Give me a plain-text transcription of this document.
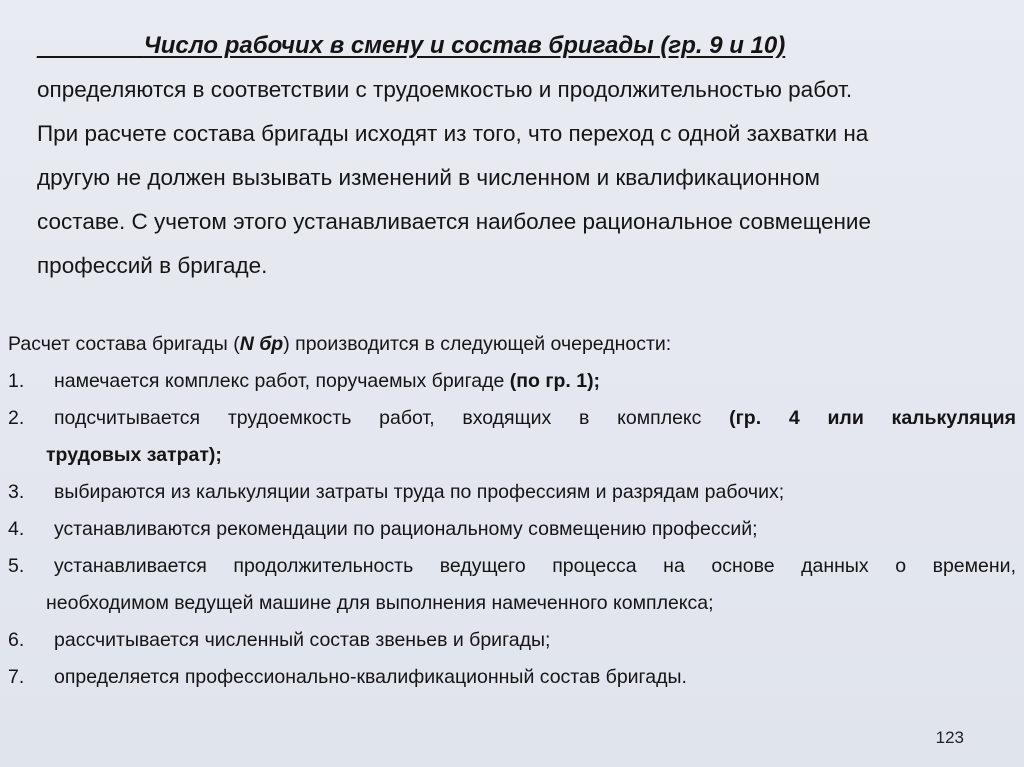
________Число рабочих в смену и состав бригады (гр. 9 и 10)
определяются в соответствии с трудоемкостью и продолжительностью работ.
При расчете состава бригады исходят из того, что переход с одной захватки на
другую не должен вызывать изменений в численном и квалификационном
составе. С учетом этого устанавливается наиболее рациональное совмещение
профессий в бригаде.
Расчет состава бригады (N бр) производится в следующей очередности:
1. намечается комплекс работ, поручаемых бригаде (по гр. 1);
2. подсчитывается трудоемкость работ, входящих в комплекс (гр. 4 или калькуляция
трудовых затрат);
3. выбираются из калькуляции затраты труда по профессиям и разрядам рабочих;
4. устанавливаются рекомендации по рациональному совмещению профессий;
5. устанавливается продолжительность ведущего процесса на основе данных о времени,
необходимом ведущей машине для выполнения намеченного комплекса;
6. рассчитывается численный состав звеньев и бригады;
7. определяется профессионально-квалификационный состав бригады.
123
